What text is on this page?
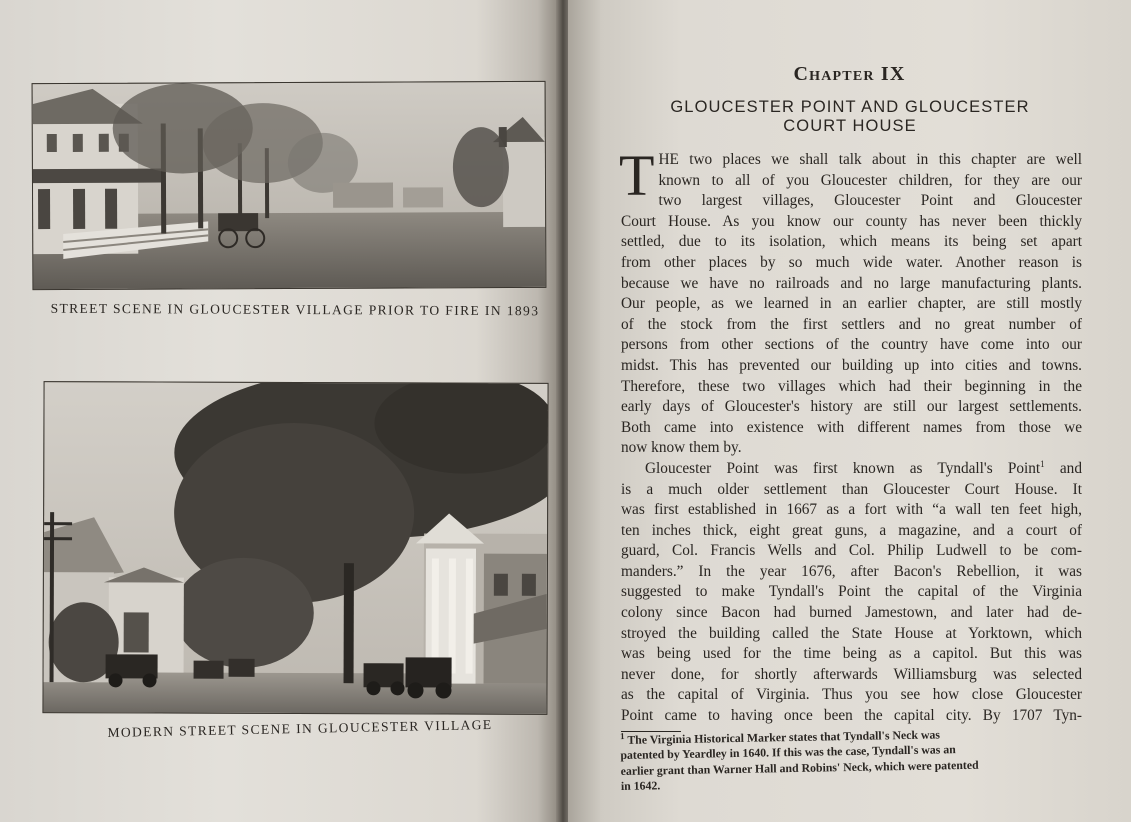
STREET SCENE IN GLOUCESTER VILLAGE PRIOR TO FIRE IN 1893
MODERN STREET SCENE IN GLOUCESTER VILLAGE
Chapter IX
GLOUCESTER POINT AND GLOUCESTER
COURT HOUSE
T HE two places we shall talk about in this chapter are well
known to all of you Gloucester children, for they are our
two largest villages, Gloucester Point and Gloucester
Court House. As you know our county has never been thickly
settled, due to its isolation, which means its being set apart
from other places by so much wide water. Another reason is
because we have no railroads and no large manufacturing plants.
Our people, as we learned in an earlier chapter, are still mostly
of the stock from the first settlers and no great number of
persons from other sections of the country have come into our
midst. This has prevented our building up into cities and towns.
Therefore, these two villages which had their beginning in the
early days of Gloucester's history are still our largest settlements.
Both came into existence with different names from those we
now know them by.
Gloucester Point was first known as Tyndall's Point$^1$ and
is a much older settlement than Gloucester Court House. It
was first established in 1667 as a fort with “a wall ten feet high,
ten inches thick, eight great guns, a magazine, and a court of
guard, Col. Francis Wells and Col. Philip Ludwell to be com-
manders.” In the year 1676, after Bacon's Rebellion, it was
suggested to make Tyndall's Point the capital of the Virginia
colony since Bacon had burned Jamestown, and later had de-
stroyed the building called the State House at Yorktown, which
was being used for the time being as a capitol. But this was
never done, for shortly afterwards Williamsburg was selected
as the capital of Virginia. Thus you see how close Gloucester
Point came to having once been the capital city. By 1707 Tyn-
$^1$ The Virginia Historical Marker states that Tyndall's Neck was
patented by Yeardley in 1640. If this was the case, Tyndall's was an
earlier grant than Warner Hall and Robins' Neck, which were patented
in 1642.
